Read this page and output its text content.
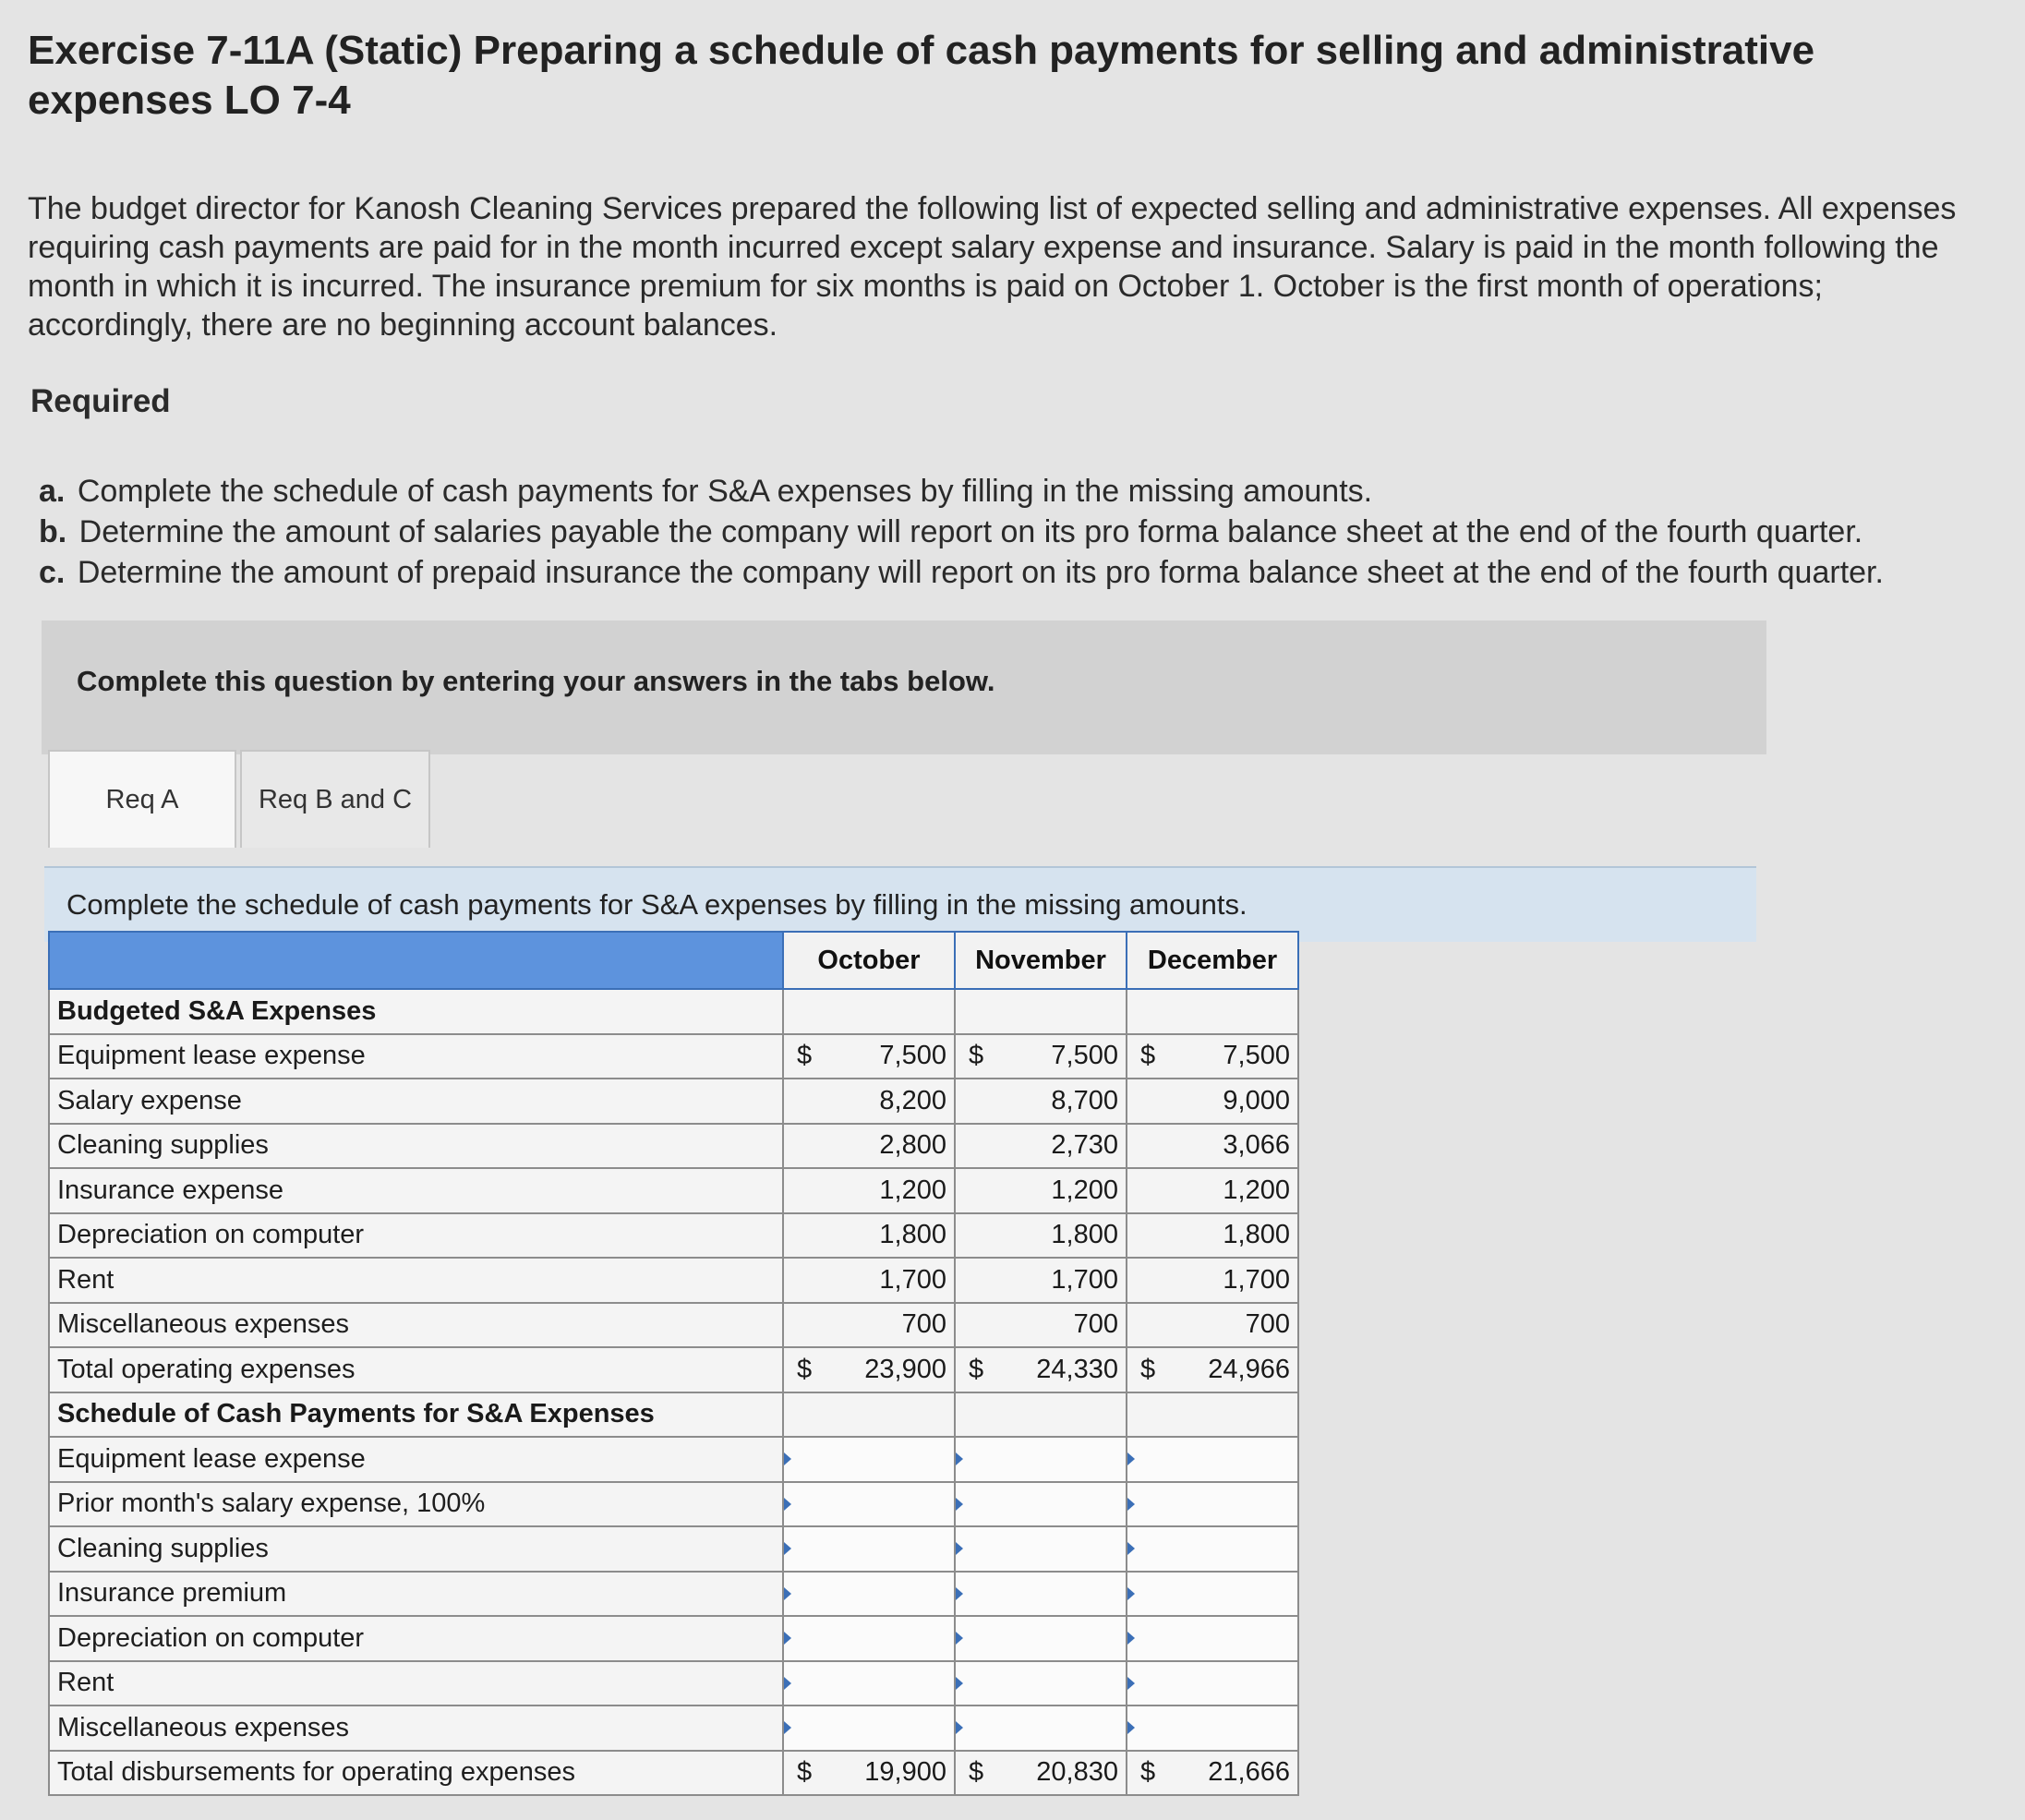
Exercise 7-11A (Static) Preparing a schedule of cash payments for selling and administrative expenses LO 7-4
The budget director for Kanosh Cleaning Services prepared the following list of expected selling and administrative expenses. All expenses requiring cash payments are paid for in the month incurred except salary expense and insurance. Salary is paid in the month following the month in which it is incurred. The insurance premium for six months is paid on October 1. October is the first month of operations; accordingly, there are no beginning account balances.
Required
a. Complete the schedule of cash payments for S&A expenses by filling in the missing amounts.
b. Determine the amount of salaries payable the company will report on its pro forma balance sheet at the end of the fourth quarter.
c. Determine the amount of prepaid insurance the company will report on its pro forma balance sheet at the end of the fourth quarter.
Complete this question by entering your answers in the tabs below.
Req A	Req B and C
Complete the schedule of cash payments for S&A expenses by filling in the missing amounts.
	October	November	December
Budgeted S&A Expenses			
Equipment lease expense	$ 7,500	$ 7,500	$ 7,500
Salary expense	8,200	8,700	9,000
Cleaning supplies	2,800	2,730	3,066
Insurance expense	1,200	1,200	1,200
Depreciation on computer	1,800	1,800	1,800
Rent	1,700	1,700	1,700
Miscellaneous expenses	700	700	700
Total operating expenses	$ 23,900	$ 24,330	$ 24,966
Schedule of Cash Payments for S&A Expenses			
Equipment lease expense			
Prior month's salary expense, 100%			
Cleaning supplies			
Insurance premium			
Depreciation on computer			
Rent			
Miscellaneous expenses			
Total disbursements for operating expenses	$ 19,900	$ 20,830	$ 21,666
